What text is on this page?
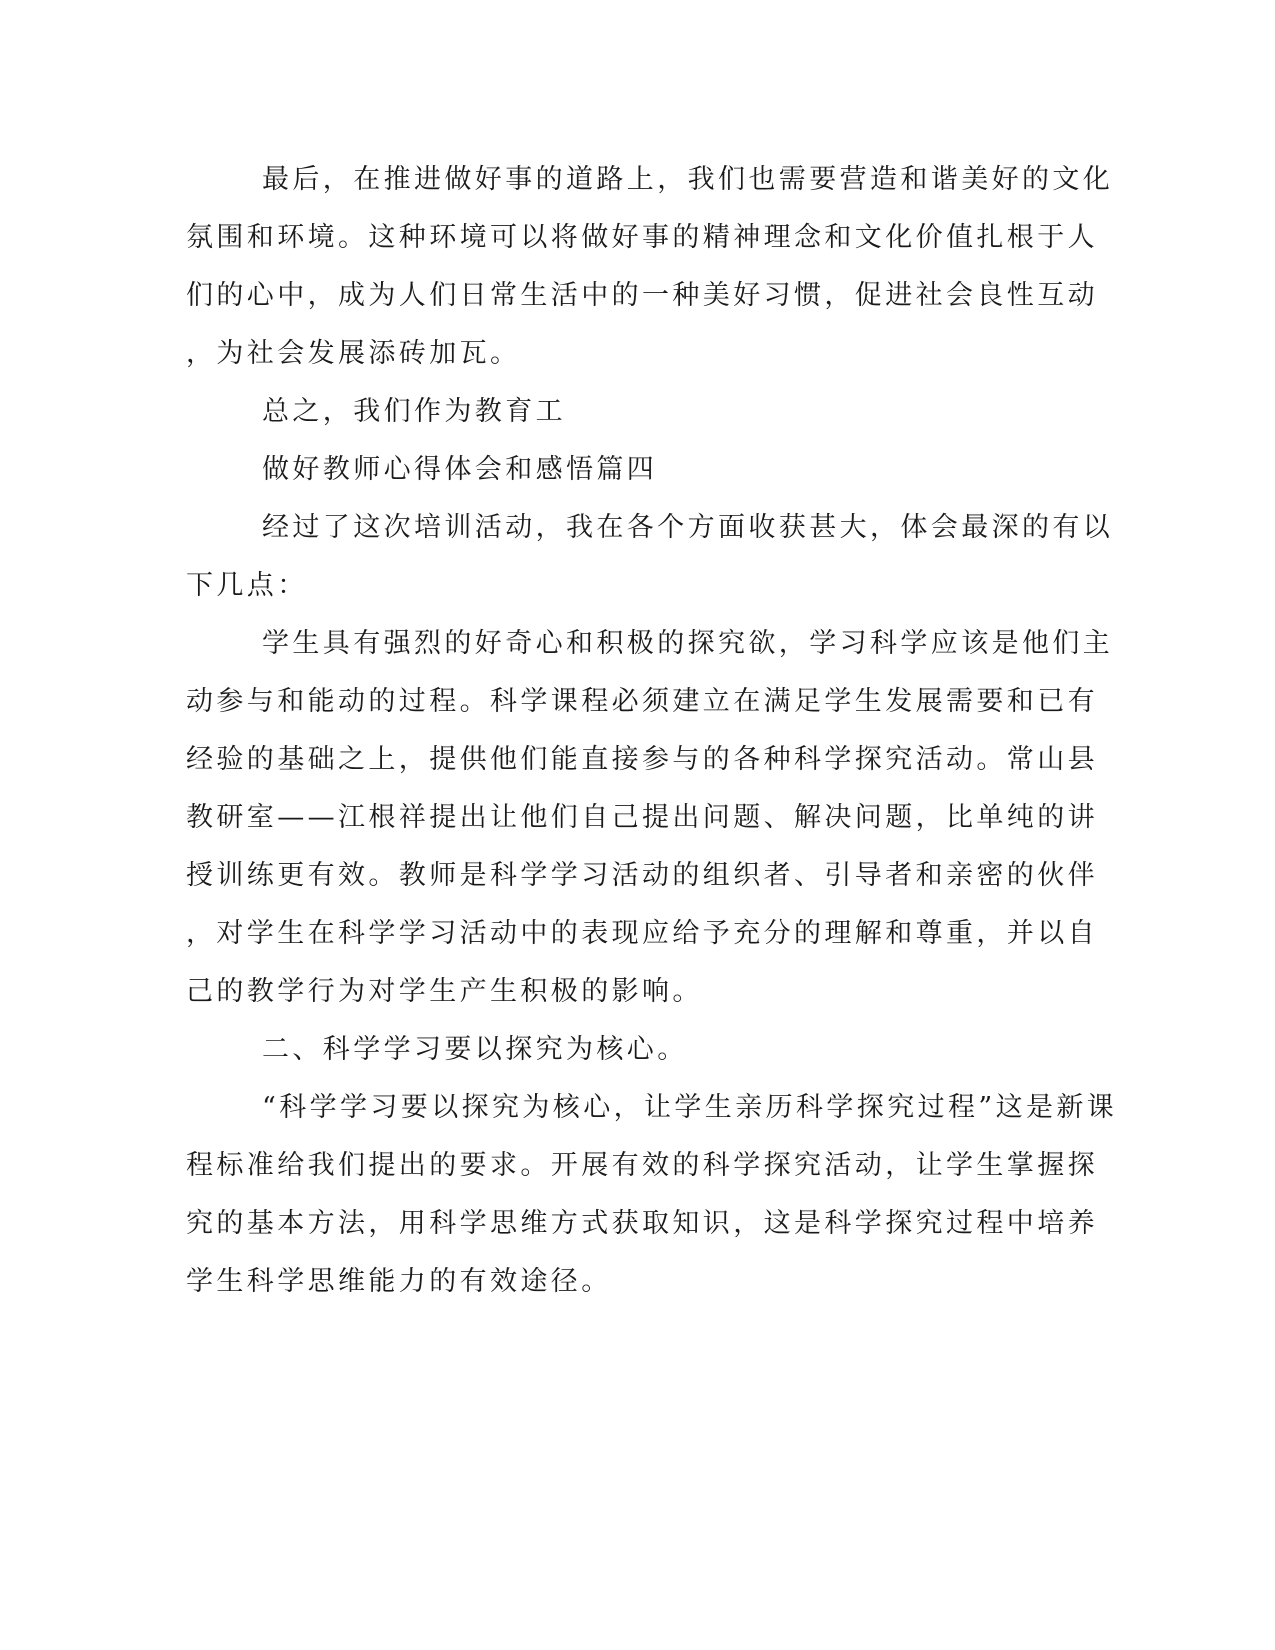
最后，在推进做好事的道路上，我们也需要营造和谐美好的文化
氛围和环境。这种环境可以将做好事的精神理念和文化价值扎根于人
们的心中，成为人们日常生活中的一种美好习惯，促进社会良性互动
，为社会发展添砖加瓦。
总之，我们作为教育工
做好教师心得体会和感悟篇四
经过了这次培训活动，我在各个方面收获甚大，体会最深的有以
下几点：
学生具有强烈的好奇心和积极的探究欲，学习科学应该是他们主
动参与和能动的过程。科学课程必须建立在满足学生发展需要和已有
经验的基础之上，提供他们能直接参与的各种科学探究活动。常山县
教研室——江根祥提出让他们自己提出问题、解决问题，比单纯的讲
授训练更有效。教师是科学学习活动的组织者、引导者和亲密的伙伴
，对学生在科学学习活动中的表现应给予充分的理解和尊重，并以自
己的教学行为对学生产生积极的影响。
二、科学学习要以探究为核心。
“科学学习要以探究为核心，让学生亲历科学探究过程”这是新课
程标准给我们提出的要求。开展有效的科学探究活动，让学生掌握探
究的基本方法，用科学思维方式获取知识，这是科学探究过程中培养
学生科学思维能力的有效途径。
